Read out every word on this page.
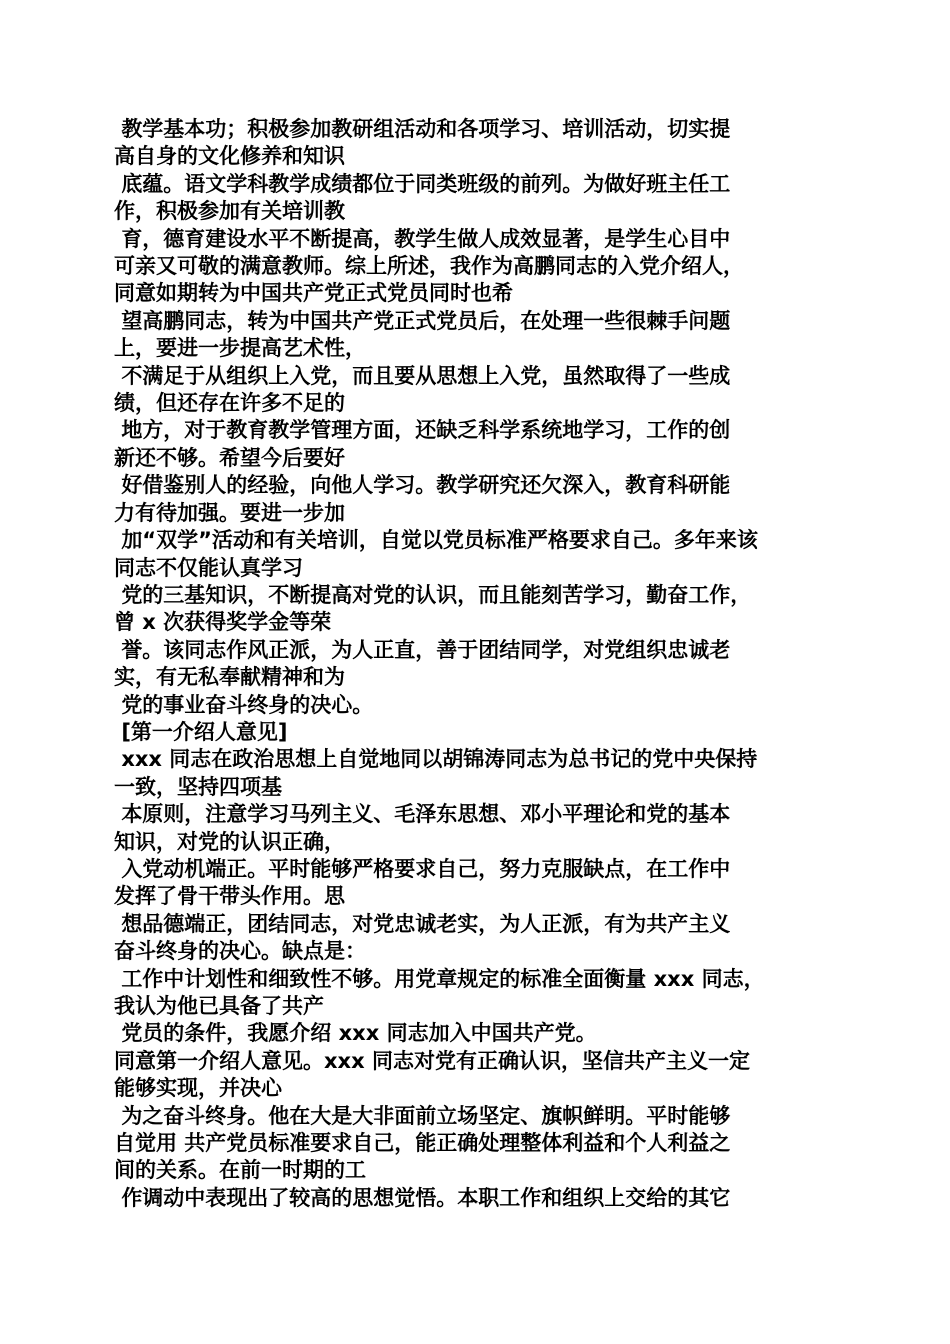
教学基本功；积极参加教研组活动和各项学习、培训活动，切实提
高自身的文化修养和知识

底蕴。语文学科教学成绩都位于同类班级的前列。为做好班主任工
作，积极参加有关培训教

育，德育建设水平不断提高，教学生做人成效显著，是学生心目中
可亲又可敬的满意教师。综上所述，我作为高鹏同志的入党介绍人，
同意如期转为中国共产党正式党员同时也希

望高鹏同志，转为中国共产党正式党员后，在处理一些很棘手问题
上，要进一步提高艺术性，

不满足于从组织上入党，而且要从思想上入党，虽然取得了一些成
绩，但还存在许多不足的

地方，对于教育教学管理方面，还缺乏科学系统地学习，工作的创
新还不够。希望今后要好

好借鉴别人的经验，向他人学习。教学研究还欠深入，教育科研能
力有待加强。要进一步加

加“双学”活动和有关培训，自觉以党员标准严格要求自己。多年来该
同志不仅能认真学习

党的三基知识，不断提高对党的认识，而且能刻苦学习，勤奋工作，
曾 x 次获得奖学金等荣

誉。该同志作风正派，为人正直，善于团结同学，对党组织忠诚老
实，有无私奉献精神和为

党的事业奋斗终身的决心。

[第一介绍人意见]

xxx 同志在政治思想上自觉地同以胡锦涛同志为总书记的党中央保持
一致，坚持四项基

本原则，注意学习马列主义、毛泽东思想、邓小平理论和党的基本
知识，对党的认识正确，

入党动机端正。平时能够严格要求自己，努力克服缺点，在工作中
发挥了骨干带头作用。思

想品德端正，团结同志，对党忠诚老实，为人正派，有为共产主义
奋斗终身的决心。缺点是：

工作中计划性和细致性不够。用党章规定的标准全面衡量 xxx 同志，
我认为他已具备了共产

党员的条件，我愿介绍 xxx 同志加入中国共产党。

同意第一介绍人意见。xxx 同志对党有正确认识，坚信共产主义一定
能够实现，并决心

为之奋斗终身。他在大是大非面前立场坚定、旗帜鲜明。平时能够
自觉用 共产党员标准要求自己，能正确处理整体利益和个人利益之
间的关系。在前一时期的工

作调动中表现出了较高的思想觉悟。本职工作和组织上交给的其它
